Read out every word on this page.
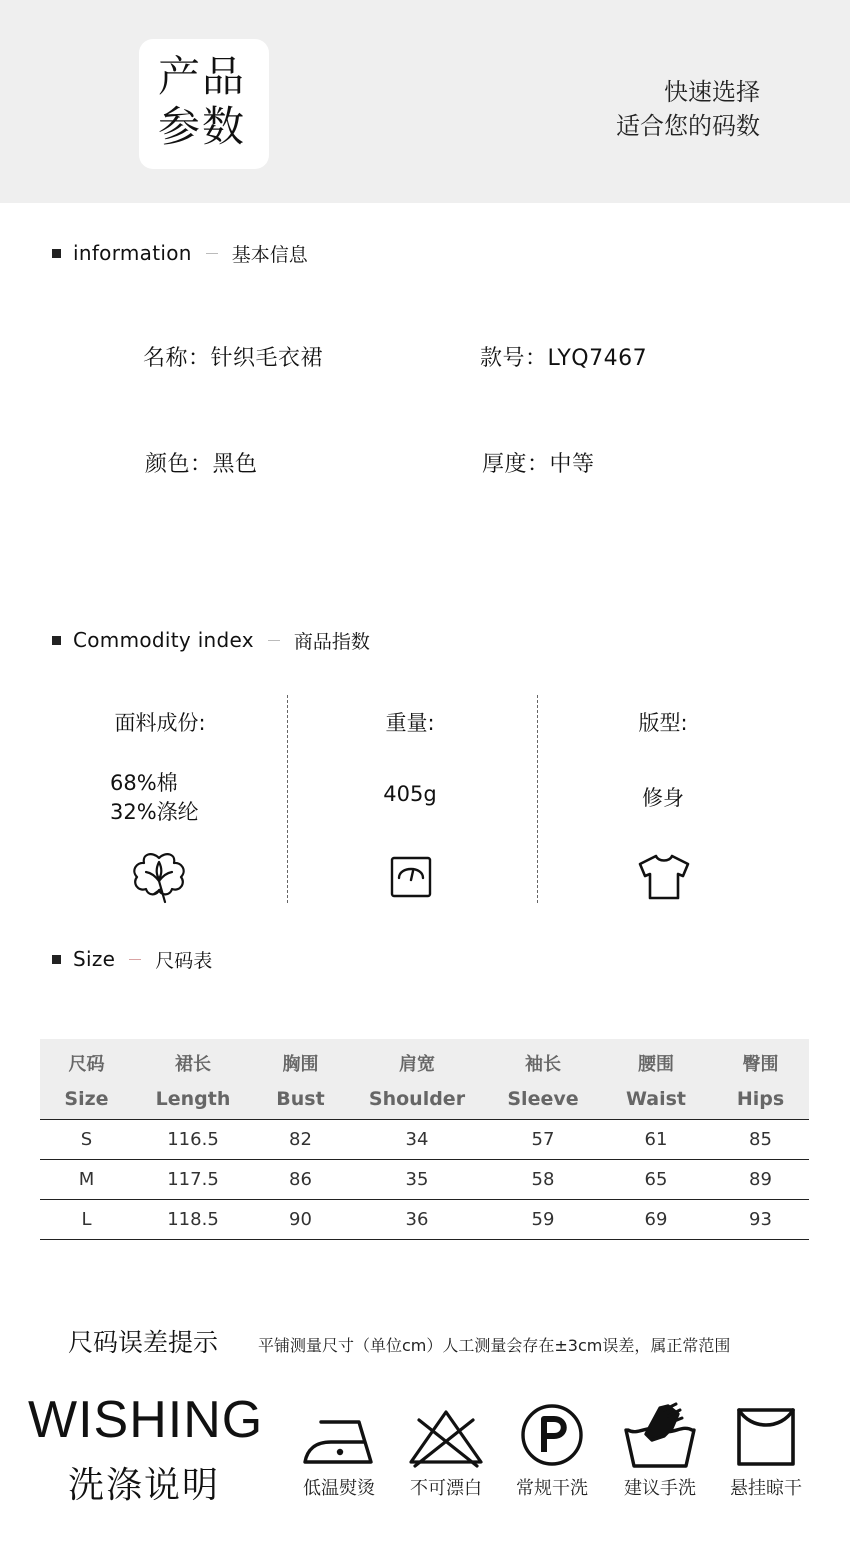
产品
参数
快速选择
适合您的码数
information 基本信息
名称：针织毛衣裙	款号：LYQ7467
颜色：黑色	厚度：中等
Commodity index 商品指数
面料成份:
68%棉
32%涤纶
重量:
405g
版型:
修身
Size 尺码表
尺码	裙长	胸围	肩宽	袖长	腰围	臀围
Size	Length	Bust	Shoulder	Sleeve	Waist	Hips
S	116.5	82	34	57	61	85
M	117.5	86	35	58	65	89
L	118.5	90	36	59	69	93
尺码误差提示 平铺测量尺寸（单位cm）人工测量会存在±3cm误差，属正常范围
WISHING
洗涤说明	低温熨烫	不可漂白	常规干洗	建议手洗	悬挂晾干
